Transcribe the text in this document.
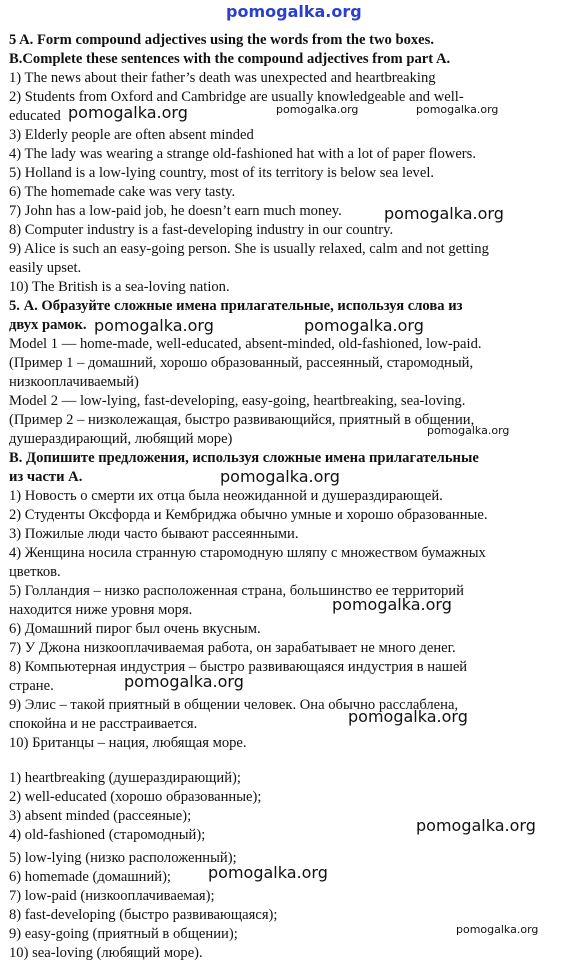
pomogalka.org
5 A. Form compound adjectives using the words from the two boxes.
B.Complete these sentences with the compound adjectives from part A.
1) The news about their father’s death was unexpected and heartbreaking
2) Students from Oxford and Cambridge are usually knowledgeable and well-
educated pomogalka.org	pomogalka.org	pomogalka.org
3) Elderly people are often absent minded
4) The lady was wearing a strange old-fashioned hat with a lot of paper flowers.
5) Holland is a low-lying country, most of its territory is below sea level.
6) The homemade cake was very tasty.
7) John has a low-paid job, he doesn’t earn much money.	pomogalka.org
8) Computer industry is a fast-developing industry in our country.
9) Alice is such an easy-going person. She is usually relaxed, calm and not getting
easily upset.
10) The British is a sea-loving nation.
5. А. Образуйте сложные имена прилагательные, используя слова из
двух рамок. pomogalka.org	pomogalka.org
Model 1 — home-made, well-educated, absent-minded, old-fashioned, low-paid.
(Пример 1 – домашний, хорошо образованный, рассеянный, старомодный,
низкооплачиваемый)
Model 2 — low-lying, fast-developing, easy-going, heartbreaking, sea-loving.
(Пример 2 – низколежащая, быстро развивающийся, приятный в общении,
душераздирающий, любящий море)
pomogalka.org
В. Допишите предложения, используя сложные имена прилагательные
из части А.	pomogalka.org
1) Новость о смерти их отца была неожиданной и душераздирающей.
2) Студенты Оксфорда и Кембриджа обычно умные и хорошо образованные.
3) Пожилые люди часто бывают рассеянными.
4) Женщина носила странную старомодную шляпу с множеством бумажных
цветков.
5) Голландия – низко расположенная страна, большинство ее территорий
находится ниже уровня моря.	pomogalka.org
6) Домашний пирог был очень вкусным.
7) У Джона низкооплачиваемая работа, он зарабатывает не много денег.
8) Компьютерная индустрия – быстро развивающаяся индустрия в нашей
стране.	pomogalka.org
9) Элис – такой приятный в общении человек. Она обычно расслаблена,
спокойна и не расстраивается.	pomogalka.org
10) Британцы – нация, любящая море.
1) heartbreaking (душераздирающий);
2) well-educated (хорошо образованные);
3) absent minded (рассеяные);
4) old-fashioned (старомодный);	pomogalka.org
5) low-lying (низко расположенный);
6) homemade (домашний);	pomogalka.org
7) low-paid (низкооплачиваемая);
8) fast-developing (быстро развивающаяся);
9) easy-going (приятный в общении);	pomogalka.org
10) sea-loving (любящий море).
